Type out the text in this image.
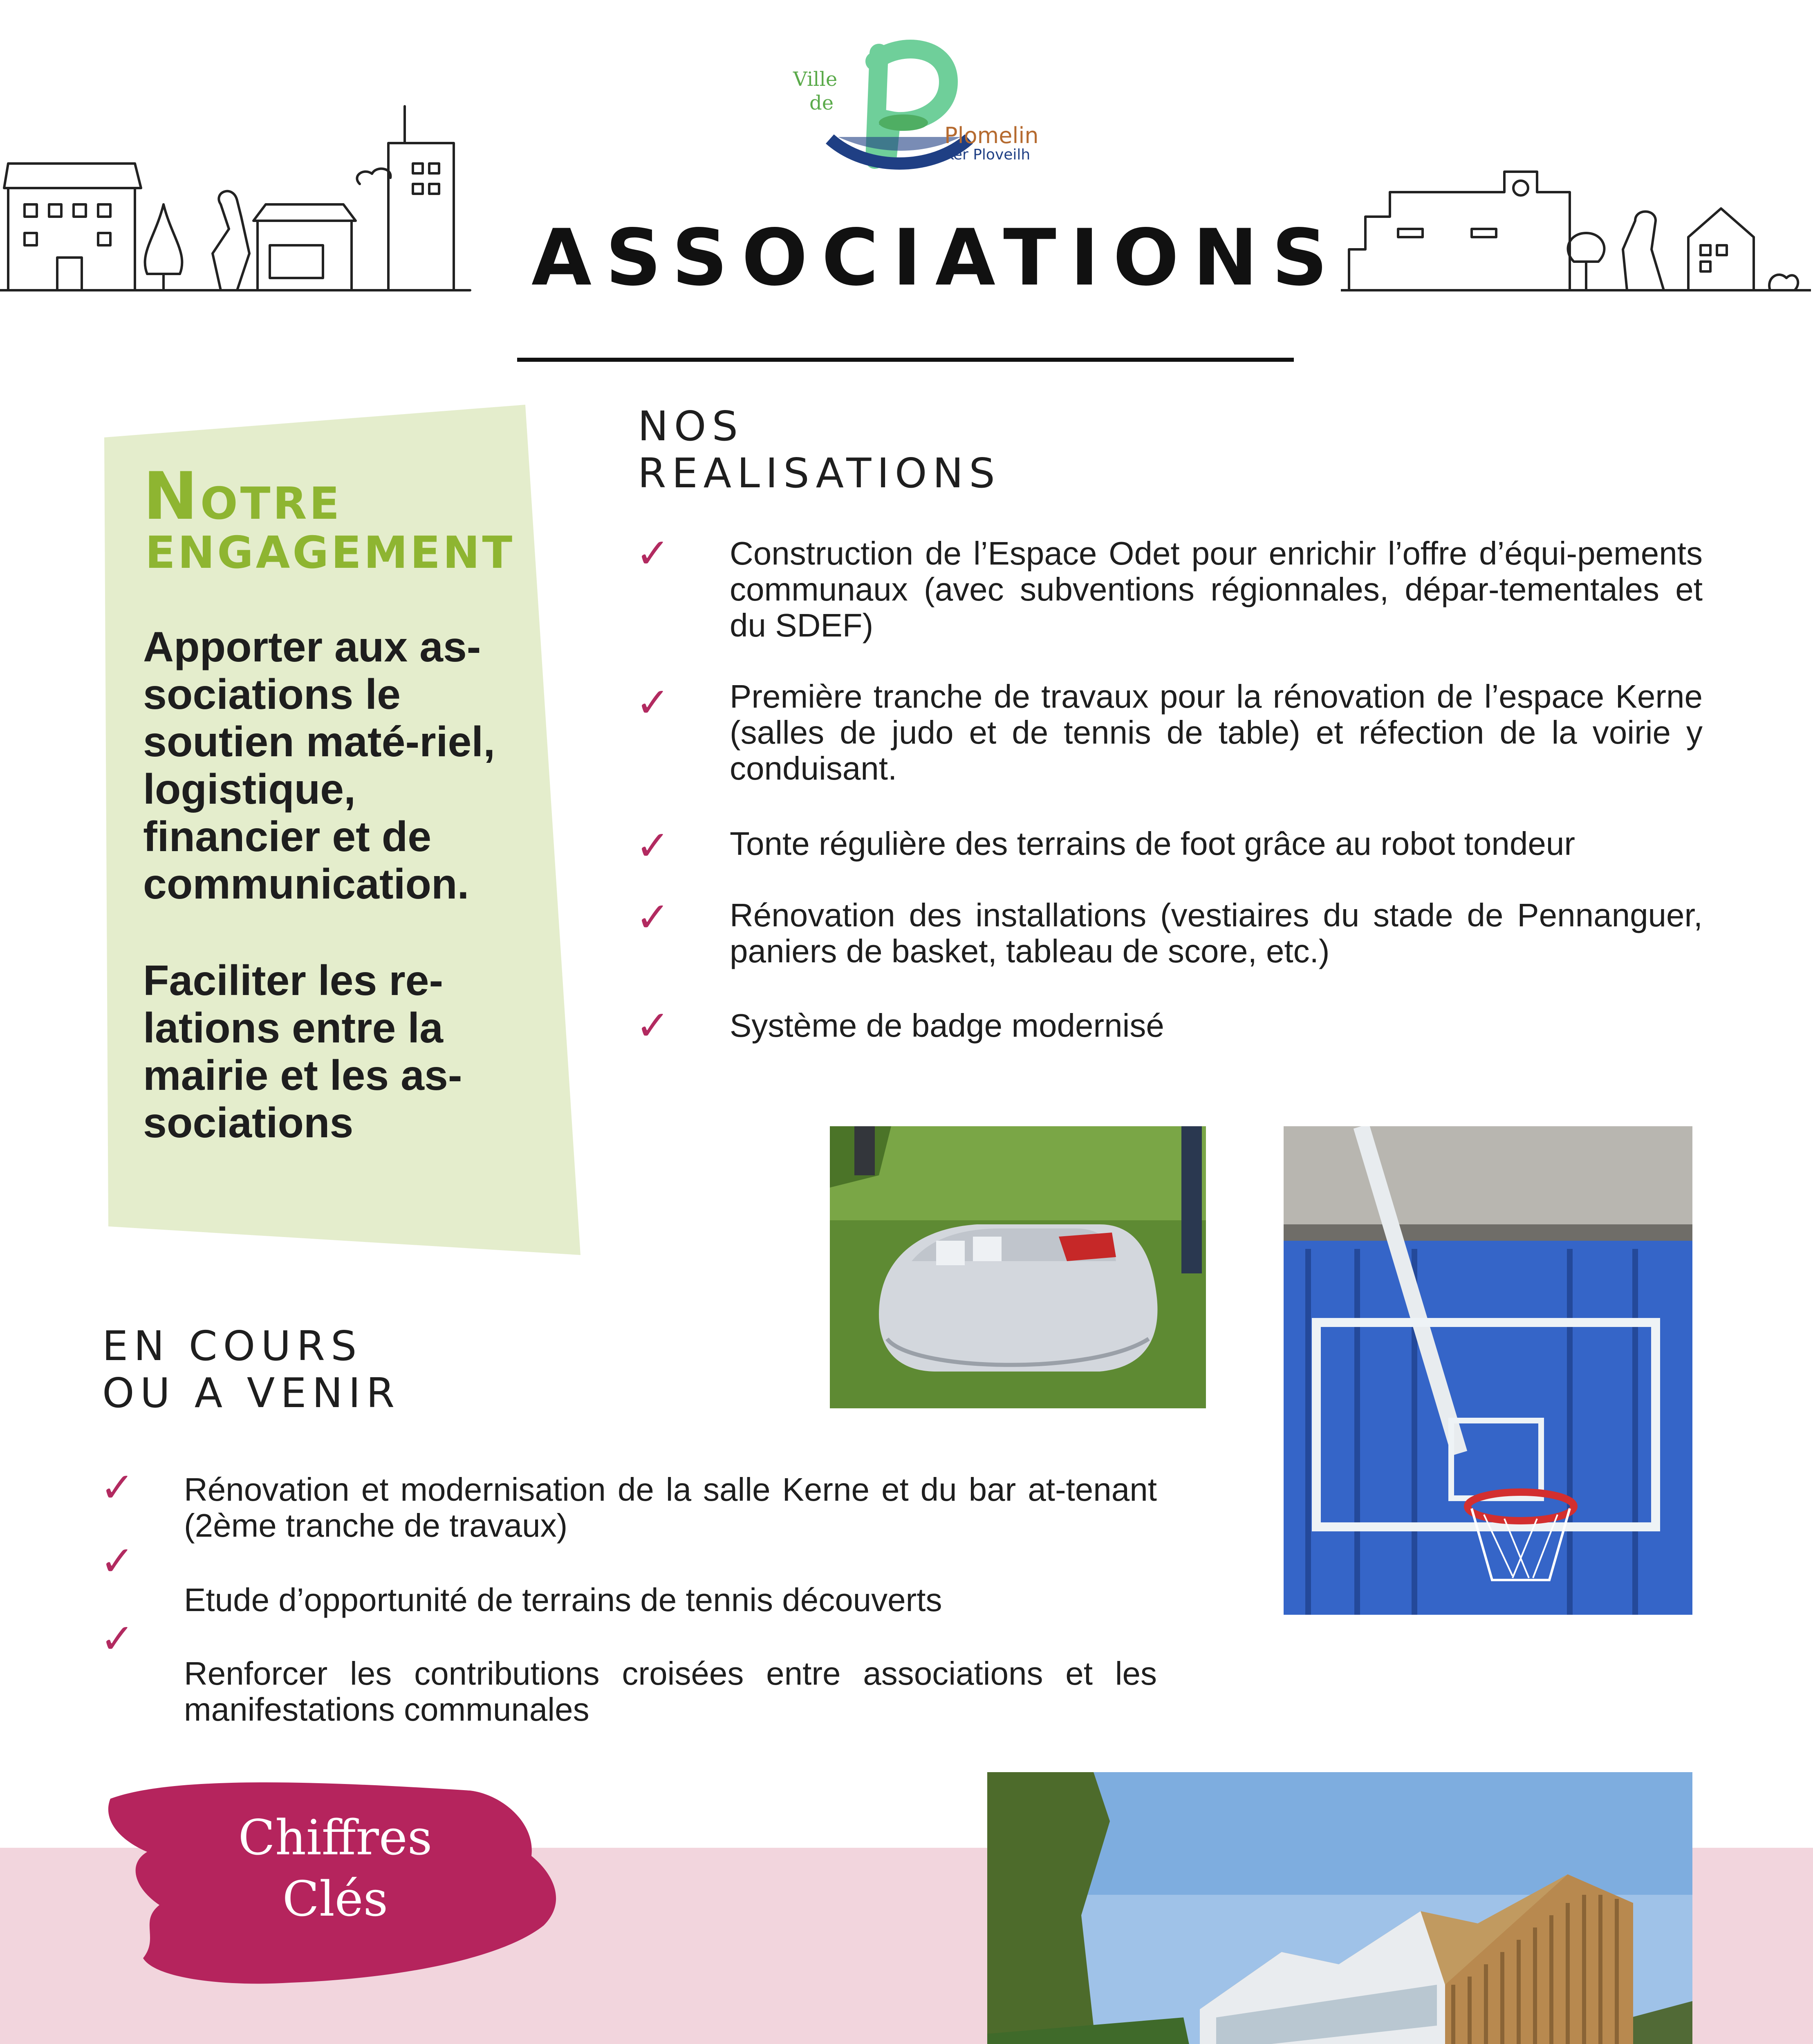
Ville
de
Plomelin
Ker Ploveilh
ASSOCIATIONS
NOTRE
ENGAGEMENT

Apporter aux as-sociations le soutien maté-riel, logistique, financier et de communication.

Faciliter les re-lations entre la mairie et les as-sociations

NOS
REALISATIONS
✓ Construction de l’Espace Odet pour enrichir l’offre d’équi-pements communaux (avec subventions régionnales, dépar-tementales et du SDEF)
✓ Première tranche de travaux pour la rénovation de l’espace Kerne (salles de judo et de tennis de table) et réfection de la voirie y conduisant.
✓ Tonte régulière des terrains de foot grâce au robot tondeur
✓ Rénovation des installations (vestiaires du stade de Pennanguer, paniers de basket, tableau de score, etc.)
✓ Système de badge modernisé
EN COURS
OU A VENIR
✓
✓
✓
Rénovation et modernisation de la salle Kerne et du bar at-tenant (2ème tranche de travaux)
Etude d’opportunité de terrains de tennis découverts
Renforcer les contributions croisées entre associations et les manifestations communales
Chiffres
Clés
